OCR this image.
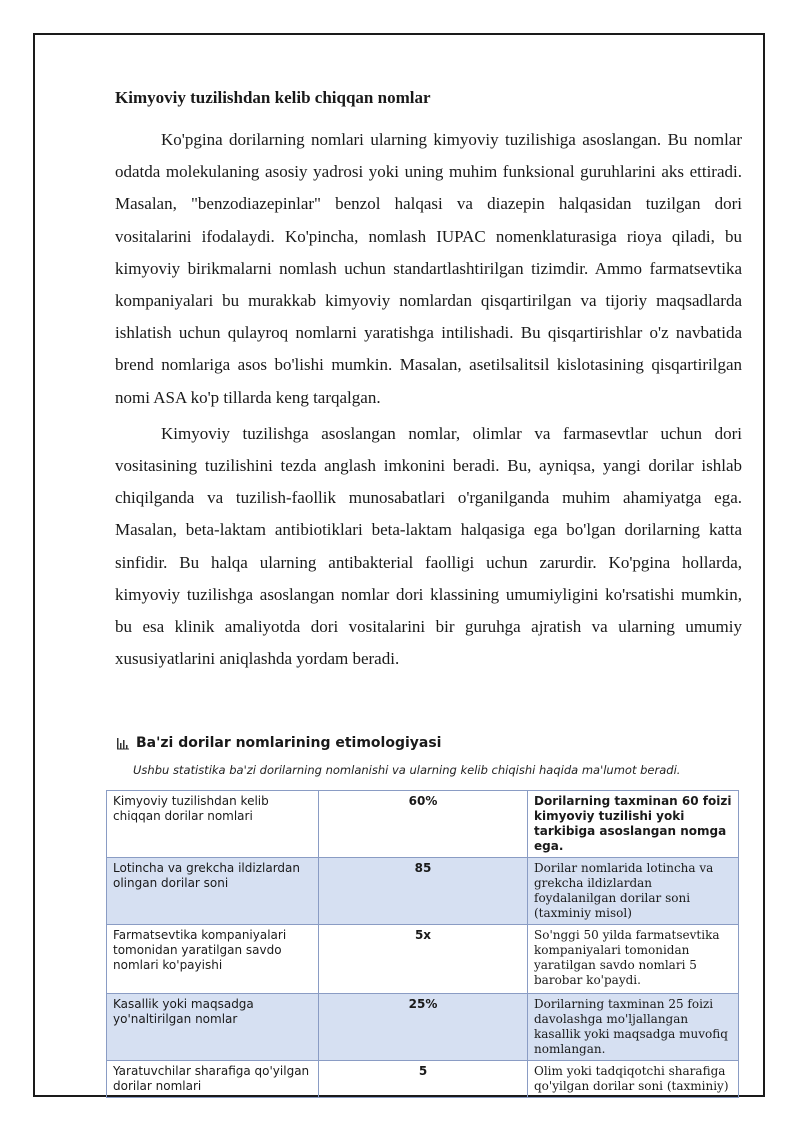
Kimyoviy tuzilishdan kelib chiqqan nomlar

Ko'pgina dorilarning nomlari ularning kimyoviy tuzilishiga asoslangan. Bu nomlar odatda molekulaning asosiy yadrosi yoki uning muhim funksional guruhlarini aks ettiradi. Masalan, "benzodiazepinlar" benzol halqasi va diazepin halqasidan tuzilgan dori vositalarini ifodalaydi. Ko'pincha, nomlash IUPAC nomenklaturasiga rioya qiladi, bu kimyoviy birikmalarni nomlash uchun standartlashtirilgan tizimdir. Ammo farmatsevtika kompaniyalari bu murakkab kimyoviy nomlardan qisqartirilgan va tijoriy maqsadlarda ishlatish uchun qulayroq nomlarni yaratishga intilishadi. Bu qisqartirishlar o'z navbatida brend nomlariga asos bo'lishi mumkin. Masalan, asetilsalitsil kislotasining qisqartirilgan nomi ASA ko'p tillarda keng tarqalgan.

Kimyoviy tuzilishga asoslangan nomlar, olimlar va farmasevtlar uchun dori vositasining tuzilishini tezda anglash imkonini beradi. Bu, ayniqsa, yangi dorilar ishlab chiqilganda va tuzilish-faollik munosabatlari o'rganilganda muhim ahamiyatga ega. Masalan, beta-laktam antibiotiklari beta-laktam halqasiga ega bo'lgan dorilarning katta sinfidir. Bu halqa ularning antibakterial faolligi uchun zarurdir. Ko'pgina hollarda, kimyoviy tuzilishga asoslangan nomlar dori klassining umumiyligini ko'rsatishi mumkin, bu esa klinik amaliyotda dori vositalarini bir guruhga ajratish va ularning umumiy xususiyatlarini aniqlashda yordam beradi.

Ba'zi dorilar nomlarining etimologiyasi
Ushbu statistika ba'zi dorilarning nomlanishi va ularning kelib chiqishi haqida ma'lumot beradi.
Kimyoviy tuzilishdan kelib chiqqan dorilar nomlari	60%	Dorilarning taxminan 60 foizi kimyoviy tuzilishi yoki tarkibiga asoslangan nomga ega.
Lotincha va grekcha ildizlardan olingan dorilar soni	85	Dorilar nomlarida lotincha va grekcha ildizlardan foydalanilgan dorilar soni (taxminiy misol)
Farmatsevtika kompaniyalari tomonidan yaratilgan savdo nomlari ko'payishi	5x	So'nggi 50 yilda farmatsevtika kompaniyalari tomonidan yaratilgan savdo nomlari 5 barobar ko'paydi.
Kasallik yoki maqsadga yo'naltirilgan nomlar	25%	Dorilarning taxminan 25 foizi davolashga mo'ljallangan kasallik yoki maqsadga muvofiq nomlangan.
Yaratuvchilar sharafiga qo'yilgan dorilar nomlari	5	Olim yoki tadqiqotchi sharafiga qo'yilgan dorilar soni (taxminiy)
